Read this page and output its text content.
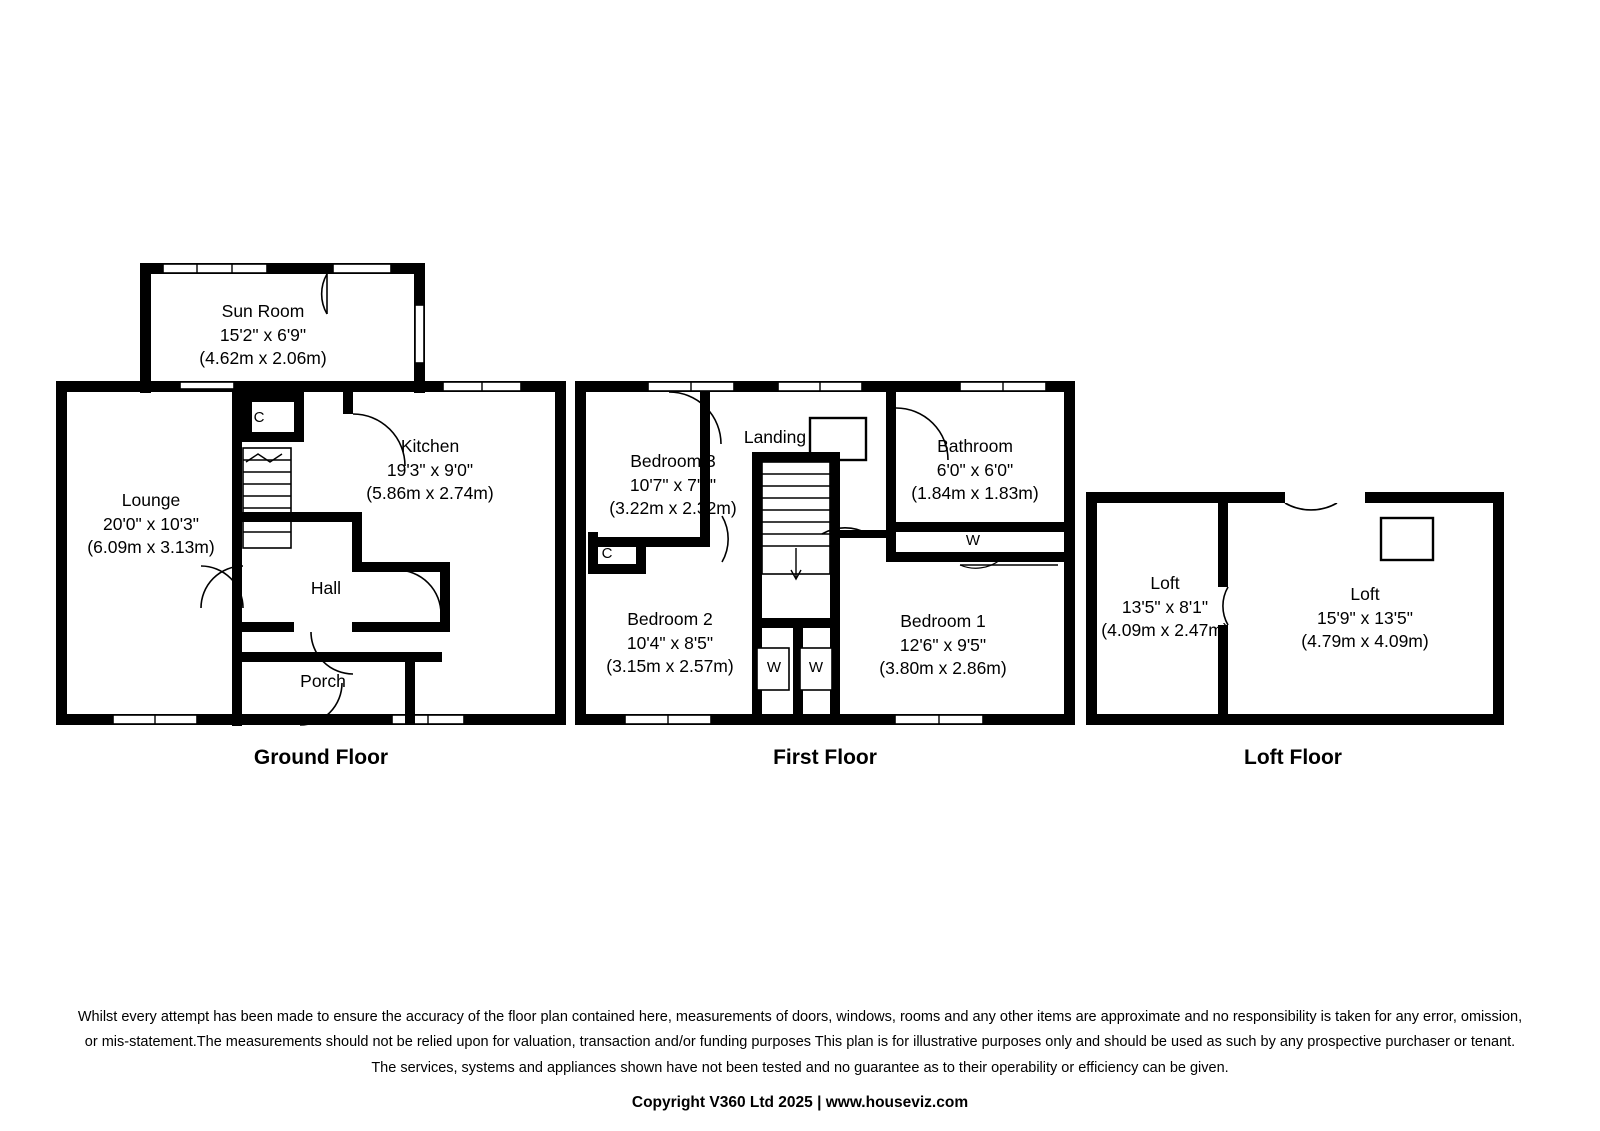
Sun Room
15'2" x 6'9"
(4.62m x 2.06m)
Kitchen
19'3" x 9'0"
(5.86m x 2.74m)
Lounge
20'0" x 10'3"
(6.09m x 3.13m)
Hall
Porch
C
Ground Floor
Landing
Bedroom 3
10'7" x 7'7"
(3.22m x 2.32m)
Bathroom
6'0" x 6'0"
(1.84m x 1.83m)
Bedroom 2
10'4" x 8'5"
(3.15m x 2.57m)
Bedroom 1
12'6" x 9'5"
(3.80m x 2.86m)
C
W
W	W
First Floor
Loft
13'5" x 8'1"
(4.09m x 2.47m)
Loft
15'9" x 13'5"
(4.79m x 4.09m)
Loft Floor
Whilst every attempt has been made to ensure the accuracy of the floor plan contained here, measurements of doors, windows, rooms and any other items are approximate and no responsibility is taken for any error, omission,
or mis-statement.The measurements should not be relied upon for valuation, transaction and/or funding purposes This plan is for illustrative purposes only and should be used as such by any prospective purchaser or tenant.
The services, systems and appliances shown have not been tested and no guarantee as to their operability or efficiency can be given.
Copyright V360 Ltd 2025 | www.houseviz.com
